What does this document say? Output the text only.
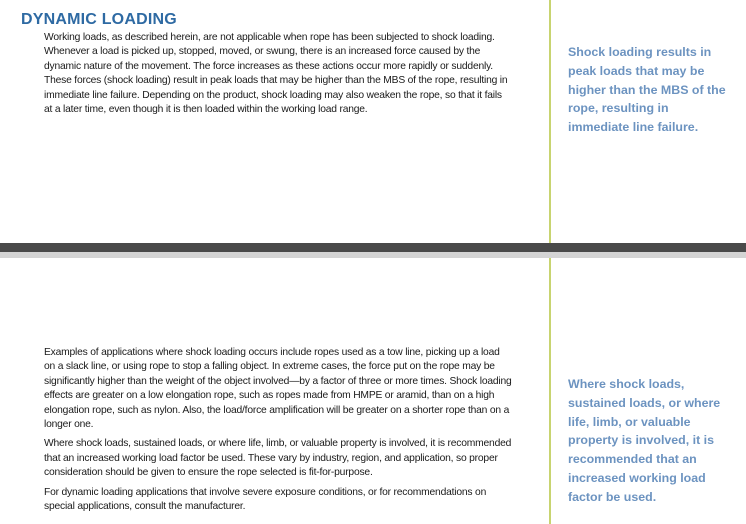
DYNAMIC LOADING

Working loads, as described herein, are not applicable when rope has been subjected to shock loading. Whenever a load is picked up, stopped, moved, or swung, there is an increased force caused by the dynamic nature of the movement. The force increases as these actions occur more rapidly or suddenly. These forces (shock loading) result in peak loads that may be higher than the MBS of the rope, resulting in immediate line failure. Depending on the product, shock loading may also weaken the rope, so that it fails at a later time, even though it is then loaded within the working load range.

Shock loading results in peak loads that may be higher than the MBS of the rope, resulting in immediate line failure.

Examples of applications where shock loading occurs include ropes used as a tow line, picking up a load on a slack line, or using rope to stop a falling object. In extreme cases, the force put on the rope may be significantly higher than the weight of the object involved—by a factor of three or more times. Shock loading effects are greater on a low elongation rope, such as ropes made from HMPE or aramid, than on a high elongation rope, such as nylon. Also, the load/force amplification will be greater on a shorter rope than on a longer one.

Where shock loads, sustained loads, or where life, limb, or valuable property is involved, it is recommended that an increased working load factor be used. These vary by industry, region, and application, so proper consideration should be given to ensure the rope selected is fit-for-purpose.

For dynamic loading applications that involve severe exposure conditions, or for recommendations on special applications, consult the manufacturer.

Where shock loads, sustained loads, or where life, limb, or valuable property is involved, it is recommended that an increased working load factor be used.
